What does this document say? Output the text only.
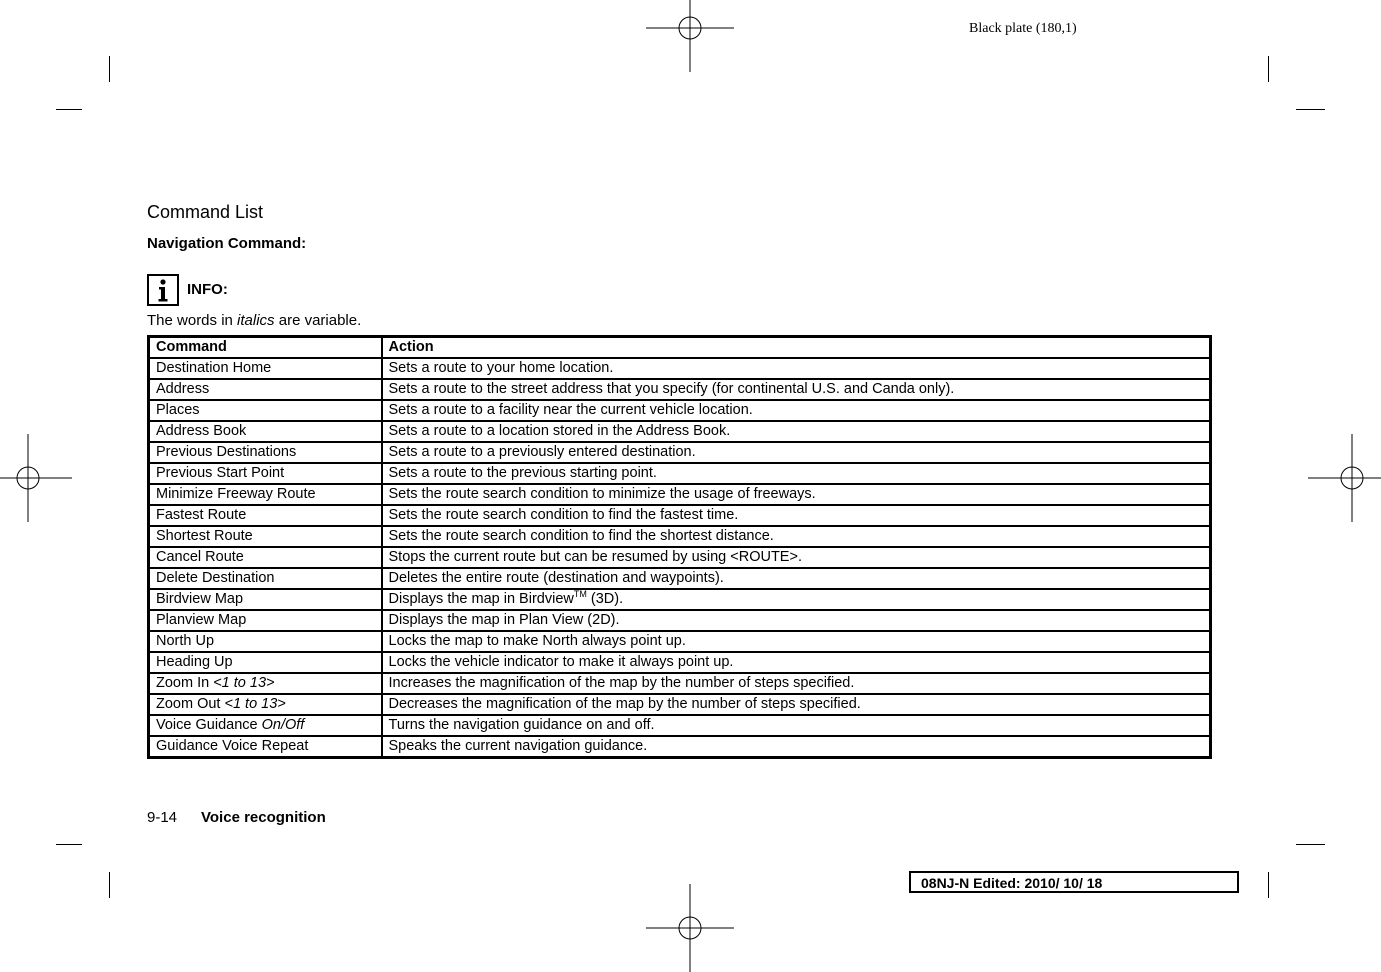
Black plate (180,1)
Command List
Navigation Command:
INFO:
The words in italics are variable.
Command	Action
Destination Home	Sets a route to your home location.
Address	Sets a route to the street address that you specify (for continental U.S. and Canda only).
Places	Sets a route to a facility near the current vehicle location.
Address Book	Sets a route to a location stored in the Address Book.
Previous Destinations	Sets a route to a previously entered destination.
Previous Start Point	Sets a route to the previous starting point.
Minimize Freeway Route	Sets the route search condition to minimize the usage of freeways.
Fastest Route	Sets the route search condition to find the fastest time.
Shortest Route	Sets the route search condition to find the shortest distance.
Cancel Route	Stops the current route but can be resumed by using <ROUTE>.
Delete Destination	Deletes the entire route (destination and waypoints).
Birdview Map	Displays the map in Birdview™ (3D).
Planview Map	Displays the map in Plan View (2D).
North Up	Locks the map to make North always point up.
Heading Up	Locks the vehicle indicator to make it always point up.
Zoom In <1 to 13>	Increases the magnification of the map by the number of steps specified.
Zoom Out <1 to 13>	Decreases the magnification of the map by the number of steps specified.
Voice Guidance On/Off	Turns the navigation guidance on and off.
Guidance Voice Repeat	Speaks the current navigation guidance.
9-14 Voice recognition
08NJ-N Edited: 2010/ 10/ 18
